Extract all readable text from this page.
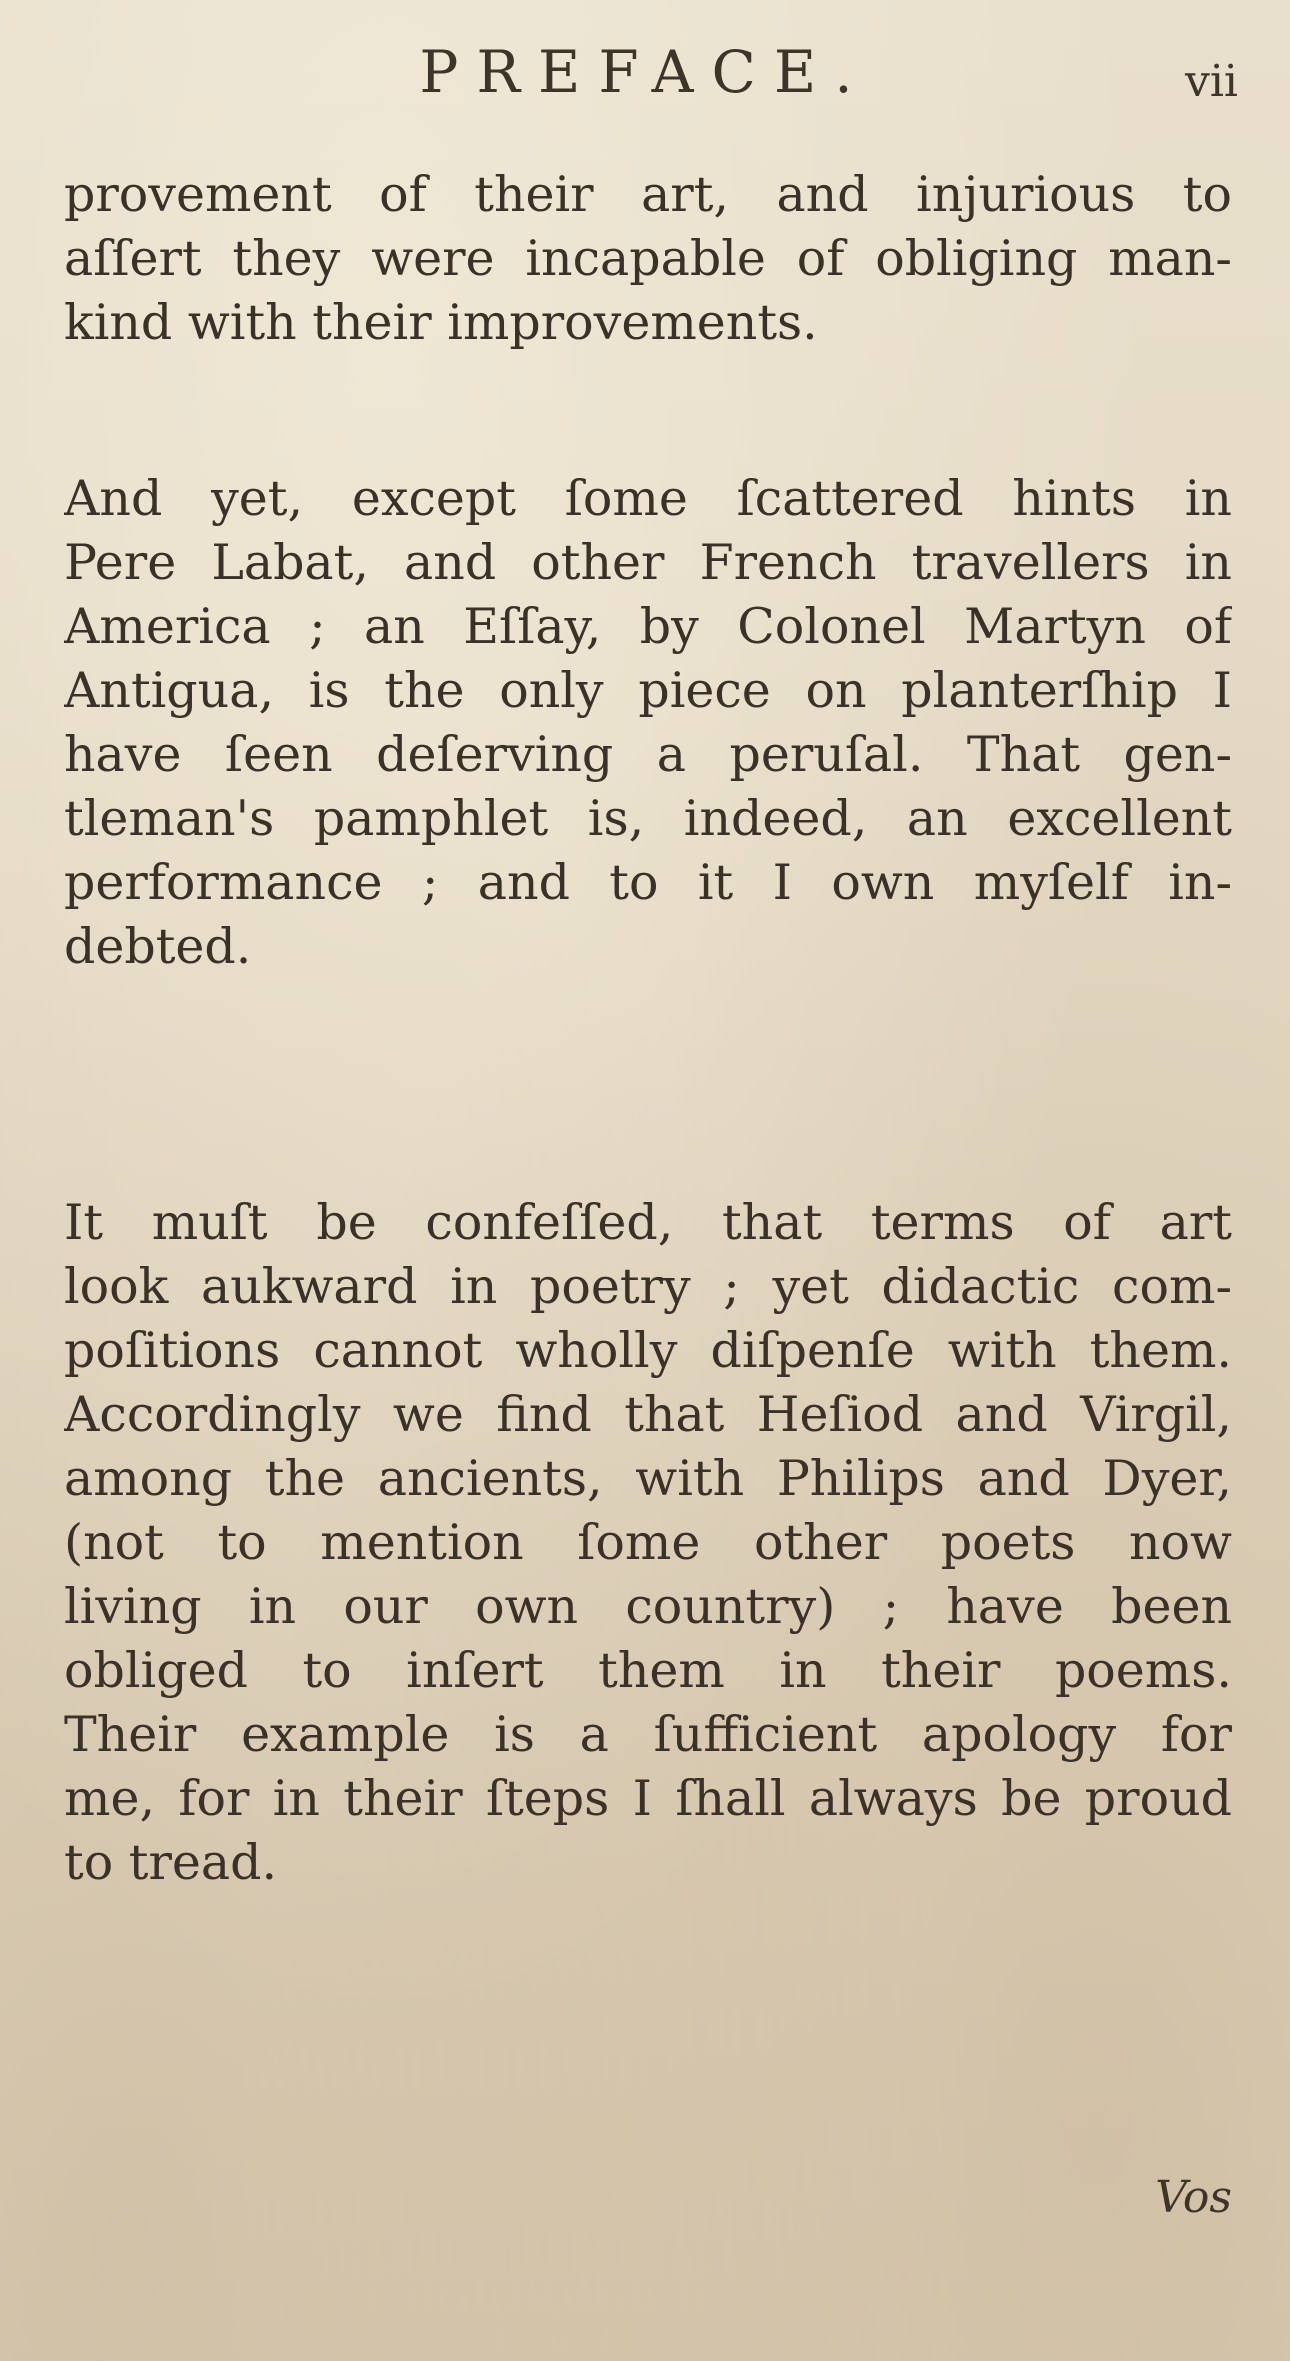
PREFACE.	vii
provement of their art, and injurious to
aſſert they were incapable of obliging man-
kind with their improvements.
And yet, except ſome ſcattered hints in
Pere Labat, and other French travellers in
America ; an Eſſay, by Colonel Martyn of
Antigua, is the only piece on planterſhip I
have ſeen deſerving a peruſal. That gen-
tleman's pamphlet is, indeed, an excellent
performance ; and to it I own myſelf in-
debted.
It muſt be confeſſed, that terms of art
look aukward in poetry ; yet didactic com-
poſitions cannot wholly diſpenſe with them.
Accordingly we find that Heſiod and Virgil,
among the ancients, with Philips and Dyer,
(not to mention ſome other poets now
living in our own country) ; have been
obliged to inſert them in their poems.
Their example is a ſufficient apology for
me, for in their ſteps I ſhall always be proud
to tread.
Vos
